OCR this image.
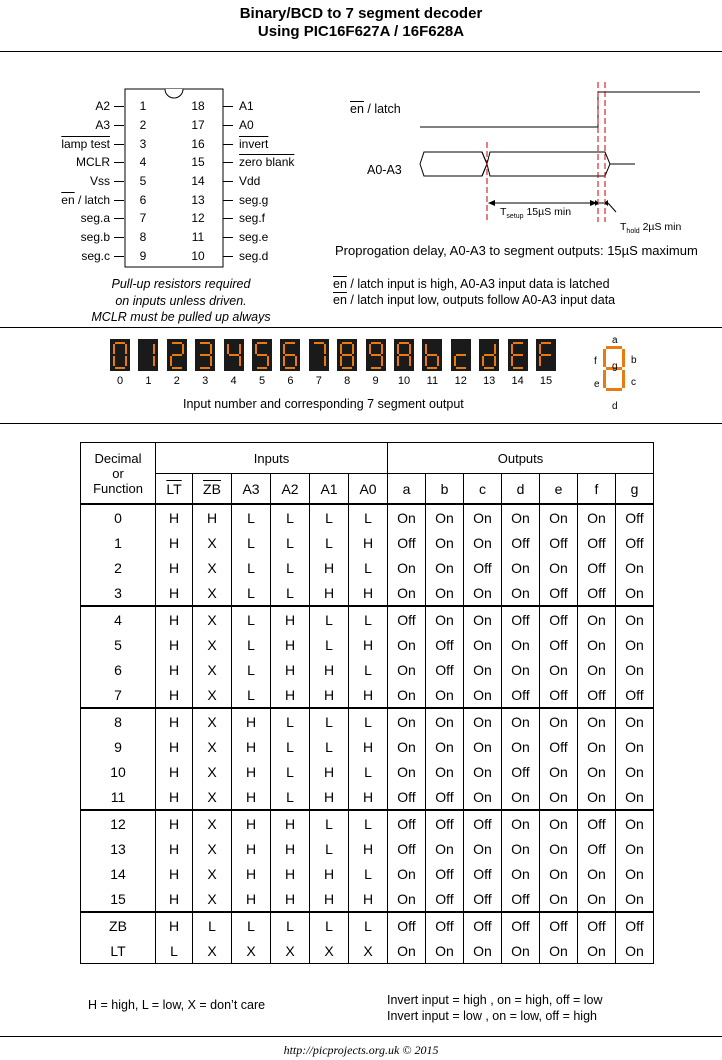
Binary/BCD to 7 segment decoder
Using PIC16F627A / 16F628A
A2	1
A3	2
lamp test	3
MCLR	4
Vss	5
$\overline{en}$ / latch	6
seg.a	7
seg.b	8
seg.c	9
18	A1
17	A0
16	invert
15	zero blank
14	Vdd
13	seg.g
12	seg.f
11	seg.e
10	seg.d
Pull-up resistors required
on inputs unless driven.
MCLR must be pulled up always
$\overline{en}$ / latch
A0-A3
$T_{setup}$ 15µS min
$T_{hold}$ 2µS min
Proprogation delay, A0-A3 to segment outputs: 15µS maximum
$\overline{en}$ / latch input is high, A0-A3 input data is latched
$\overline{en}$ / latch input low, outputs follow A0-A3 input data
0	1	2	3	4	5	6	7	8	9	10	11	12	13	14	15
Input number and corresponding 7 segment output
a
b
c
d
e
f g
Decimal
or
Function	Inputs						Outputs						
	$\overline{LT}$	$\overline{ZB}$	A3	A2	A1	A0	a	b	c	d	e	f	g
0	H	H	L	L	L	L	On	On	On	On	On	On	Off
1	H	X	L	L	L	H	Off	On	On	Off	Off	Off	Off
2	H	X	L	L	H	L	On	On	Off	On	On	Off	On
3	H	X	L	L	H	H	On	On	On	On	Off	Off	On
4	H	X	L	H	L	L	Off	On	On	Off	Off	On	On
5	H	X	L	H	L	H	On	Off	On	On	Off	On	On
6	H	X	L	H	H	L	On	Off	On	On	On	On	On
7	H	X	L	H	H	H	On	On	On	Off	Off	Off	Off
8	H	X	H	L	L	L	On	On	On	On	On	On	On
9	H	X	H	L	L	H	On	On	On	On	Off	On	On
10	H	X	H	L	H	L	On	On	On	Off	On	On	On
11	H	X	H	L	H	H	Off	Off	On	On	On	On	On
12	H	X	H	H	L	L	Off	Off	Off	On	On	Off	On
13	H	X	H	H	L	H	Off	On	On	On	On	Off	On
14	H	X	H	H	H	L	On	Off	Off	On	On	On	On
15	H	X	H	H	H	H	On	Off	Off	Off	On	On	On
ZB	H	L	L	L	L	L	Off	Off	Off	Off	Off	Off	Off
LT	L	X	X	X	X	X	On	On	On	On	On	On	On
H = high, L = low, X = don’t care	Invert input = high , on = high, off = low
Invert input = low , on = low, off = high
http://picprojects.org.uk © 2015
